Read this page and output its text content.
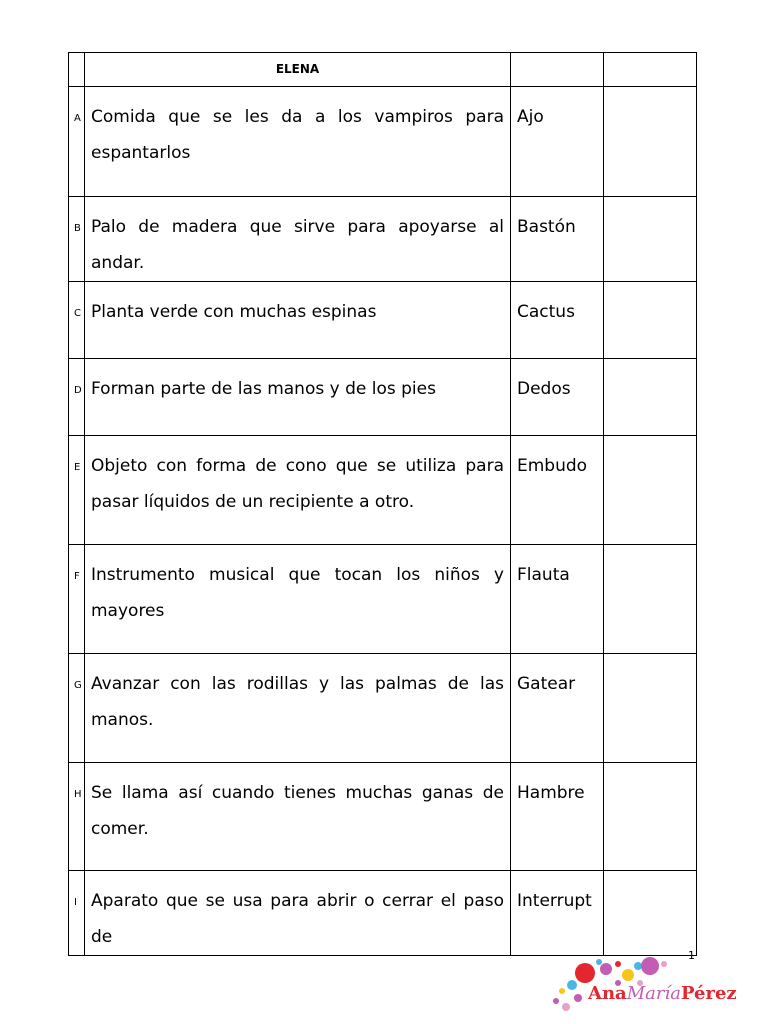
	ELENA		
A	Comida que se les da a los vampiros para espantarlos	Ajo	
B	Palo de madera que sirve para apoyarse al andar.	Bastón	
C	Planta verde con muchas espinas	Cactus	
D	Forman parte de las manos y de los pies	Dedos	
E	Objeto con forma de cono que se utiliza para pasar líquidos de un recipiente a otro.	Embudo	
F	Instrumento musical que tocan los niños y mayores	Flauta	
G	Avanzar con las rodillas y las palmas de las manos.	Gatear	
H	Se llama así cuando tienes muchas ganas de comer.	Hambre	
I	Aparato que se usa para abrir o cerrar el paso de	Interrupt	
1
AnaMaríaPérez
